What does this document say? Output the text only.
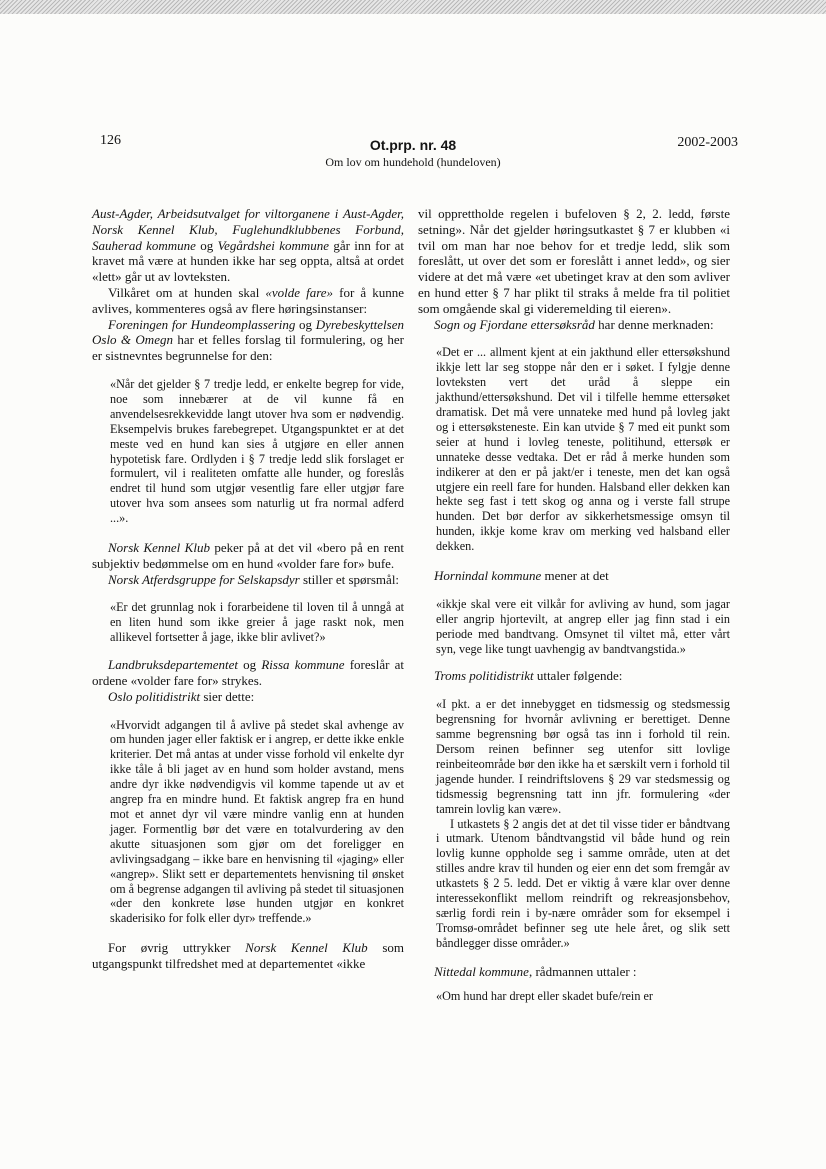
126	Ot.prp. nr. 48	2002-2003
Om lov om hundehold (hundeloven)

Aust-Agder, Arbeidsutvalget for viltorganene i Aust-Agder, Norsk Kennel Klub, Fuglehundklubbenes Forbund, Sauherad kommune og Vegårdshei kommune går inn for at kravet må være at hunden ikke har seg oppta, altså at ordet «lett» går ut av lovteksten.

Vilkåret om at hunden skal «volde fare» for å kunne avlives, kommenteres også av flere høringsinstanser:

Foreningen for Hundeomplassering og Dyrebeskyttelsen Oslo & Omegn har et felles forslag til formulering, og her er sistnevntes begrunnelse for den:

«Når det gjelder § 7 tredje ledd, er enkelte begrep for vide, noe som innebærer at de vil kunne få en anvendelsesrekkevidde langt utover hva som er nødvendig. Eksempelvis brukes farebegrepet. Utgangspunktet er at det meste ved en hund kan sies å utgjøre en eller annen hypotetisk fare. Ordlyden i § 7 tredje ledd slik forslaget er formulert, vil i realiteten omfatte alle hunder, og foreslås endret til hund som utgjør vesentlig fare eller utgjør fare utover hva som ansees som naturlig ut fra normal adferd ...».

Norsk Kennel Klub peker på at det vil «bero på en rent subjektiv bedømmelse om en hund «volder fare for» bufe.

Norsk Atferdsgruppe for Selskapsdyr stiller et spørsmål:

«Er det grunnlag nok i forarbeidene til loven til å unngå at en liten hund som ikke greier å jage raskt nok, men allikevel fortsetter å jage, ikke blir avlivet?»

Landbruksdepartementet og Rissa kommune foreslår at ordene «volder fare for» strykes.

Oslo politidistrikt sier dette:

«Hvorvidt adgangen til å avlive på stedet skal avhenge av om hunden jager eller faktisk er i angrep, er dette ikke enkle kriterier. Det må antas at under visse forhold vil enkelte dyr ikke tåle å bli jaget av en hund som holder avstand, mens andre dyr ikke nødvendigvis vil komme tapende ut av et angrep fra en mindre hund. Et faktisk angrep fra en hund mot et annet dyr vil være mindre vanlig enn at hunden jager. Formentlig bør det være en totalvurdering av den akutte situasjonen som gjør om det foreligger en avlivingsadgang – ikke bare en henvisning til «jaging» eller «angrep». Slikt sett er departementets henvisning til ønsket om å begrense adgangen til avliving på stedet til situasjonen «der den konkrete løse hunden utgjør en konkret skaderisiko for folk eller dyr» treffende.»

For øvrig uttrykker Norsk Kennel Klub som utgangspunkt tilfredshet med at departementet «ikke

vil opprettholde regelen i bufeloven § 2, 2. ledd, første setning». Når det gjelder høringsutkastet § 7 er klubben «i tvil om man har noe behov for et tredje ledd, slik som foreslått, ut over det som er foreslått i annet ledd», og sier videre at det må være «et ubetinget krav at den som avliver en hund etter § 7 har plikt til straks å melde fra til politiet som omgående skal gi videremelding til eieren».

Sogn og Fjordane ettersøksråd har denne merknaden:

«Det er ... allment kjent at ein jakthund eller ettersøkshund ikkje lett lar seg stoppe når den er i søket. I fylgje denne lovteksten vert det uråd å sleppe ein jakthund/ettersøkshund. Det vil i tilfelle hemme ettersøket dramatisk. Det må vere unnateke med hund på lovleg jakt og i ettersøksteneste. Ein kan utvide § 7 med eit punkt som seier at hund i lovleg teneste, politihund, ettersøk er unnateke desse vedtaka. Det er råd å merke hunden som indikerer at den er på jakt/er i teneste, men det kan også utgjere ein reell fare for hunden. Halsband eller dekken kan hekte seg fast i tett skog og anna og i verste fall strupe hunden. Det bør derfor av sikkerhetsmessige omsyn til hunden, ikkje kome krav om merking ved halsband eller dekken.

Hornindal kommune mener at det

«ikkje skal vere eit vilkår for avliving av hund, som jagar eller angrip hjortevilt, at angrep eller jag finn stad i ein periode med bandtvang. Omsynet til viltet må, etter vårt syn, vege like tungt uavhengig av bandtvangstida.»

Troms politidistrikt uttaler følgende:

«I pkt. a er det innebygget en tidsmessig og stedsmessig begrensning for hvornår avlivning er berettiget. Denne samme begrensning bør også tas inn i forhold til rein. Dersom reinen befinner seg utenfor sitt lovlige reinbeiteområde bør den ikke ha et særskilt vern i forhold til jagende hunder. I reindriftslovens § 29 var stedsmessig og tidsmessig begrensning tatt inn jfr. formulering «der tamrein lovlig kan være».

I utkastets § 2 angis det at det til visse tider er båndtvang i utmark. Utenom båndtvangstid vil både hund og rein lovlig kunne oppholde seg i samme område, uten at det stilles andre krav til hunden og eier enn det som fremgår av utkastets § 2 5. ledd. Det er viktig å være klar over denne interessekonflikt mellom reindrift og rekreasjonsbehov, særlig fordi rein i by-nære områder som for eksempel i Tromsø-området befinner seg ute hele året, og slik sett båndlegger disse områder.»

Nittedal kommune, rådmannen uttaler :

«Om hund har drept eller skadet bufe/rein er
